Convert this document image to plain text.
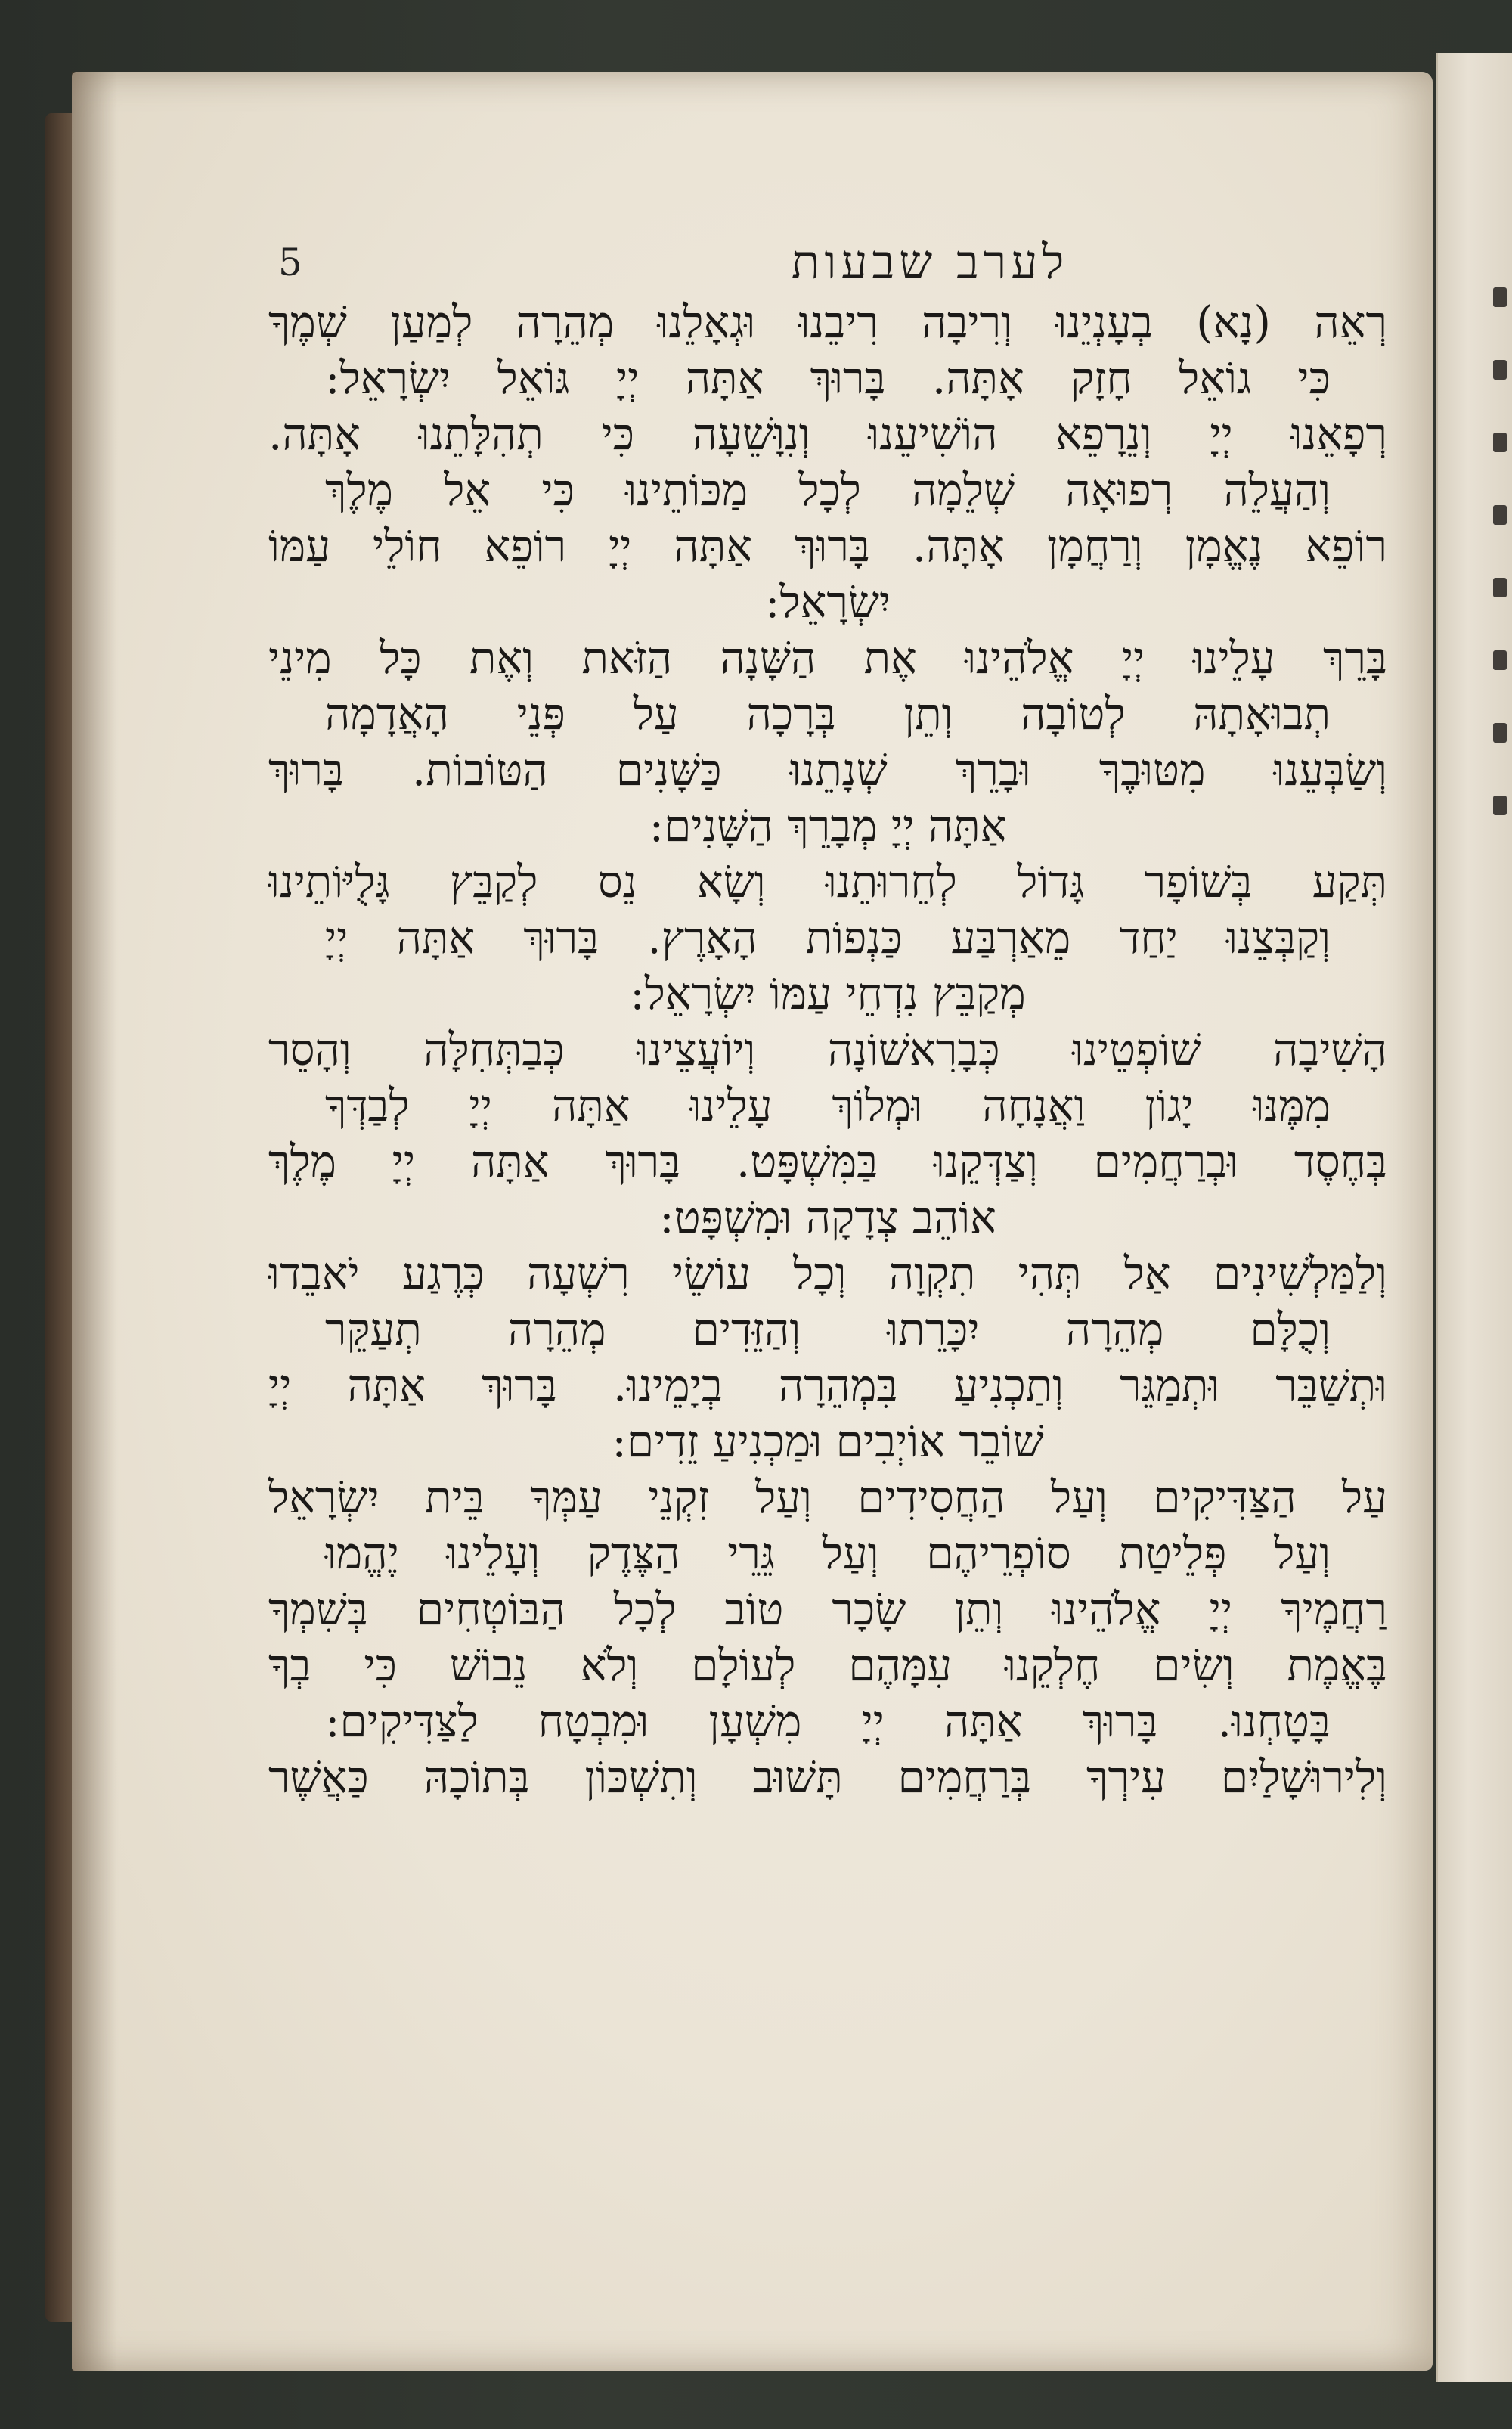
5	לערב שבעות
רְאֵה (נָא) בְעָנְיֵנוּ וְרִיבָה רִיבֵנוּ וּגְאָלֵנוּ מְהֵרָה לְמַעַן שְׁמֶךָ
כִּי גוֹאֵל חָזָק אָתָּה. בָּרוּךְ אַתָּה יְיָ גּוֹאֵל יִשְׂרָאֵל:
רְפָאֵנוּ יְיָ וְנֵרָפֵא הוֹשִׁיעֵנוּ וְנִוָּשֵׁעָה כִּי תְהִלָּתֵנוּ אָתָּה.
וְהַעֲלֵה רְפוּאָה שְׁלֵמָה לְכָל מַכּוֹתֵינוּ כִּי אֵל מֶלֶךְ
רוֹפֵא נֶאֱמָן וְרַחֲמָן אָתָּה. בָּרוּךְ אַתָּה יְיָ רוֹפֵא חוֹלֵי עַמּוֹ
יִשְׂרָאֵל:
בָּרֵךְ עָלֵינוּ יְיָ אֱלֹהֵינוּ אֶת הַשָּׁנָה הַזֹּאת וְאֶת כָּל מִינֵי
תְבוּאָתָהּ לְטוֹבָה וְתֵן בְּרָכָה עַל פְּנֵי הָאֲדָמָה
וְשַׂבְּעֵנוּ מִטּוּבֶךָ וּבָרֵךְ שְׁנָתֵנוּ כַּשָּׁנִים הַטּוֹבוֹת. בָּרוּךְ
אַתָּה יְיָ מְבָרֵךְ הַשָּׁנִים:
תְּקַע בְּשׁוֹפָר גָּדוֹל לְחֵרוּתֵנוּ וְשָׂא נֵס לְקַבֵּץ גָּלֻיּוֹתֵינוּ
וְקַבְּצֵנוּ יַחַד מֵאַרְבַּע כַּנְפוֹת הָאָרֶץ. בָּרוּךְ אַתָּה יְיָ
מְקַבֵּץ נִדְחֵי עַמּוֹ יִשְׂרָאֵל:
הָשִׁיבָה שׁוֹפְטֵינוּ כְּבָרִאשׁוֹנָה וְיוֹעֲצֵינוּ כְּבַתְּחִלָּה וְהָסֵר
מִמֶּנּוּ יָגוֹן וַאֲנָחָה וּמְלוֹךְ עָלֵינוּ אַתָּה יְיָ לְבַדְּךָ
בְּחֶסֶד וּבְרַחֲמִים וְצַדְּקֵנוּ בַּמִּשְׁפָּט. בָּרוּךְ אַתָּה יְיָ מֶלֶךְ
אוֹהֵב צְדָקָה וּמִשְׁפָּט:
וְלַמַּלְשִׁינִים אַל תְּהִי תִקְוָה וְכָל עוֹשֵׂי רִשְׁעָה כְּרֶגַע יֹאבֵדוּ
וְכֻלָּם מְהֵרָה יִכָּרֵתוּ וְהַזֵּדִים מְהֵרָה תְעַקֵּר
וּתְשַׁבֵּר וּתְמַגֵּר וְתַכְנִיעַ בִּמְהֵרָה בְיָמֵינוּ. בָּרוּךְ אַתָּה יְיָ
שׁוֹבֵר אוֹיְבִים וּמַכְנִיעַ זֵדִים:
עַל הַצַּדִּיקִים וְעַל הַחֲסִידִים וְעַל זִקְנֵי עַמְּךָ בֵּית יִשְׂרָאֵל
וְעַל פְּלֵיטַת סוֹפְרֵיהֶם וְעַל גֵּרֵי הַצֶּדֶק וְעָלֵינוּ יֶהֱמוּ
רַחֲמֶיךָ יְיָ אֱלֹהֵינוּ וְתֵן שָׂכָר טוֹב לְכָל הַבּוֹטְחִים בְּשִׁמְךָ
בֶּאֱמֶת וְשִׂים חֶלְקֵנוּ עִמָּהֶם לְעוֹלָם וְלֹא נֵבוֹשׁ כִּי בְךָ
בָּטָחְנוּ. בָּרוּךְ אַתָּה יְיָ מִשְׁעָן וּמִבְטָח לַצַּדִּיקִים:
וְלִירוּשָׁלַיִם עִירְךָ בְּרַחֲמִים תָּשׁוּב וְתִשְׁכּוֹן בְּתוֹכָהּ כַּאֲשֶׁר
